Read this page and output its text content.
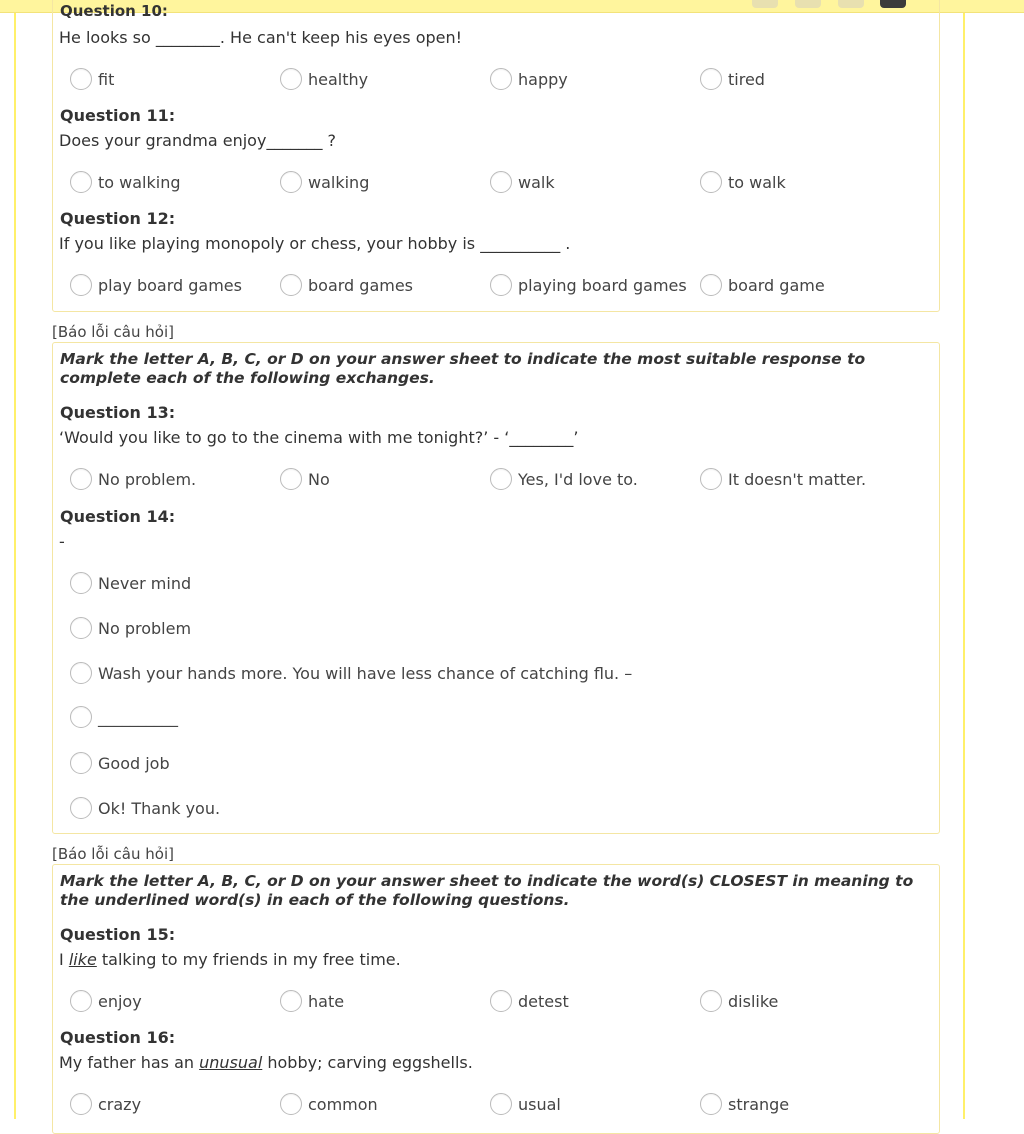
Question 10:
He looks so ________. He can't keep his eyes open!
fit	healthy	happy	tired
Question 11:
Does your grandma enjoy_______ ?
to walking	walking	walk	to walk
Question 12:
If you like playing monopoly or chess, your hobby is __________ .
play board games	board games	playing board games	board game
[Báo lỗi câu hỏi]
Mark the letter A, B, C, or D on your answer sheet to indicate the most suitable response to complete each of the following exchanges.
Question 13:
‘Would you like to go to the cinema with me tonight?’ - ‘________’
No problem.	No	Yes, I'd love to.	It doesn't matter.
Question 14:
-
Never mind
No problem
Wash your hands more. You will have less chance of catching flu. –
__________
Good job
Ok! Thank you.
[Báo lỗi câu hỏi]
Mark the letter A, B, C, or D on your answer sheet to indicate the word(s) CLOSEST in meaning to the underlined word(s) in each of the following questions.
Question 15:
I like talking to my friends in my free time.
enjoy	hate	detest	dislike
Question 16:
My father has an unusual hobby; carving eggshells.
crazy	common	usual	strange
